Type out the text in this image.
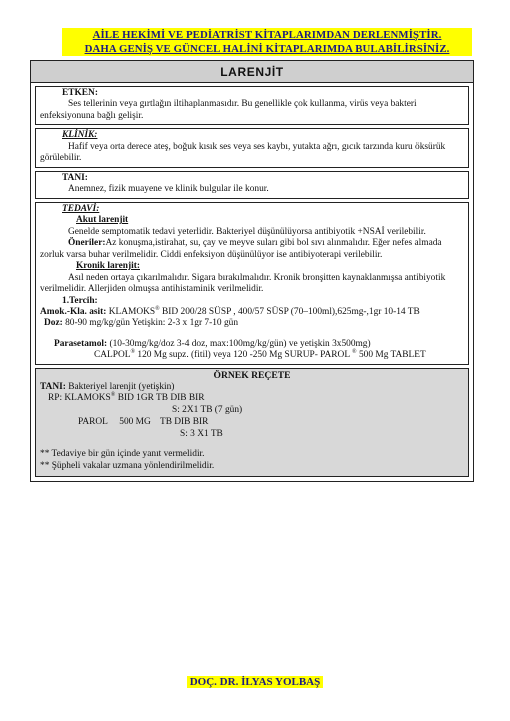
AİLE HEKİMİ VE PEDİATRİST KİTAPLARIMDAN DERLENMİŞTİR.
DAHA GENİŞ VE GÜNCEL HALİNİ KİTAPLARIMDA BULABİLİRSİNİZ.
LARENJİT
ETKEN:
Ses tellerinin veya gırtlağın iltihaplanmasıdır. Bu genellikle çok kullanma, virüs veya bakteri enfeksiyonuna bağlı gelişir.
KLİNİK:
Hafif veya orta derece ateş, boğuk kısık ses veya ses kaybı, yutakta ağrı, gıcık tarzında kuru öksürük görülebilir.
TANI:
Anemnez, fizik muayene ve klinik bulgular ile konur.
TEDAVİ:
Akut larenjit
Genelde semptomatik tedavi yeterlidir. Bakteriyel düşünülüyorsa antibiyotik +NSAİ verilebilir.
Öneriler:Az konuşma,istirahat, su, çay ve meyve suları gibi bol sıvı alınmalıdır. Eğer nefes almada zorluk varsa buhar verilmelidir. Ciddi enfeksiyon düşünülüyor ise antibiyoterapi verilebilir.
Kronik larenjit:
Asıl neden ortaya çıkarılmalıdır. Sigara bırakılmalıdır. Kronik bronşitten kaynaklanmışsa antibiyotik verilmelidir. Allerjiden olmuşsa antihistaminik verilmelidir.
1.Tercih:
Amok.-Kla. asit: KLAMOKS® BID 200/28 SÜSP , 400/57 SÜSP (70–100ml),625mg-,1gr 10-14 TB
Doz: 80-90 mg/kg/gün Yetişkin: 2-3 x 1gr 7-10 gün
Parasetamol: (10-30mg/kg/doz 3-4 doz, max:100mg/kg/gün) ve yetişkin 3x500mg)
CALPOL® 120 Mg supz. (fitil) veya 120 -250 Mg SURUP- PAROL ® 500 Mg TABLET
ÖRNEK REÇETE

TANI: Bakteriyel larenjit (yetişkin)

RP: KLAMOKS® BID 1GR TB DIB BIR

S: 2X1 TB (7 gün)

PAROL     500 MG    TB DIB BIR

S: 3 X1 TB

** Tedaviye bir gün içinde yanıt vermelidir.

** Şüpheli vakalar uzmana yönlendirilmelidir.

DOÇ. DR. İLYAS YOLBAŞ
